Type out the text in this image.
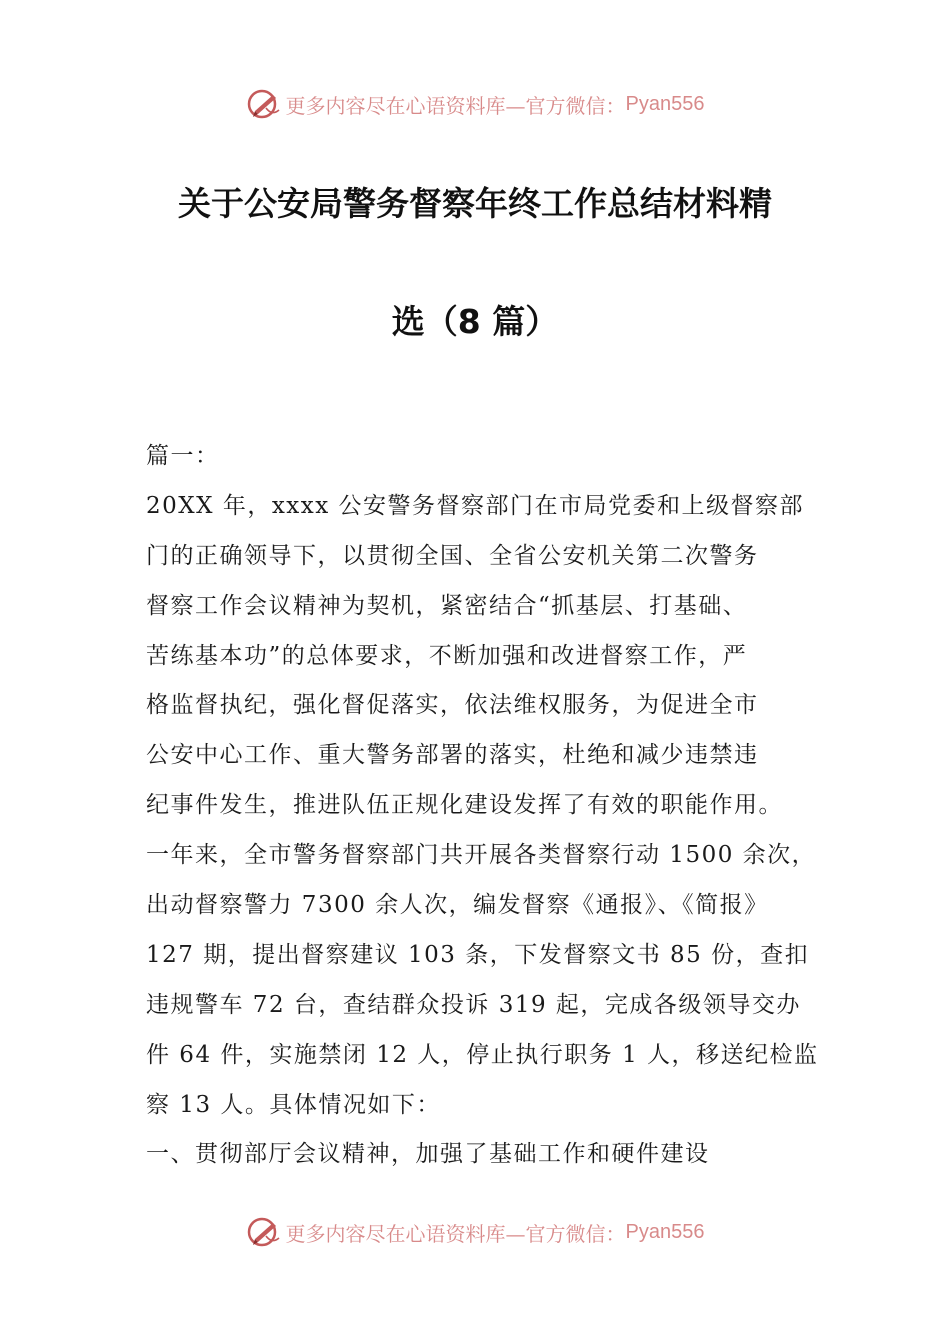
更多内容尽在心语资料库—官方微信： Pyan556
关于公安局警务督察年终工作总结材料精
选（8 篇）
篇一：
20XX 年，xxxx 公安警务督察部门在市局党委和上级督察部
门的正确领导下，以贯彻全国、全省公安机关第二次警务
督察工作会议精神为契机，紧密结合“抓基层、打基础、
苦练基本功”的总体要求，不断加强和改进督察工作，严
格监督执纪，强化督促落实，依法维权服务，为促进全市
公安中心工作、重大警务部署的落实，杜绝和减少违禁违
纪事件发生，推进队伍正规化建设发挥了有效的职能作用。
一年来，全市警务督察部门共开展各类督察行动 1500 余次，
出动督察警力 7300 余人次，编发督察《通报》、《简报》
127 期，提出督察建议 103 条，下发督察文书 85 份，查扣
违规警车 72 台，查结群众投诉 319 起，完成各级领导交办
件 64 件，实施禁闭 12 人，停止执行职务 1 人，移送纪检监
察 13 人。具体情况如下：
一、贯彻部厅会议精神，加强了基础工作和硬件建设
更多内容尽在心语资料库—官方微信： Pyan556
